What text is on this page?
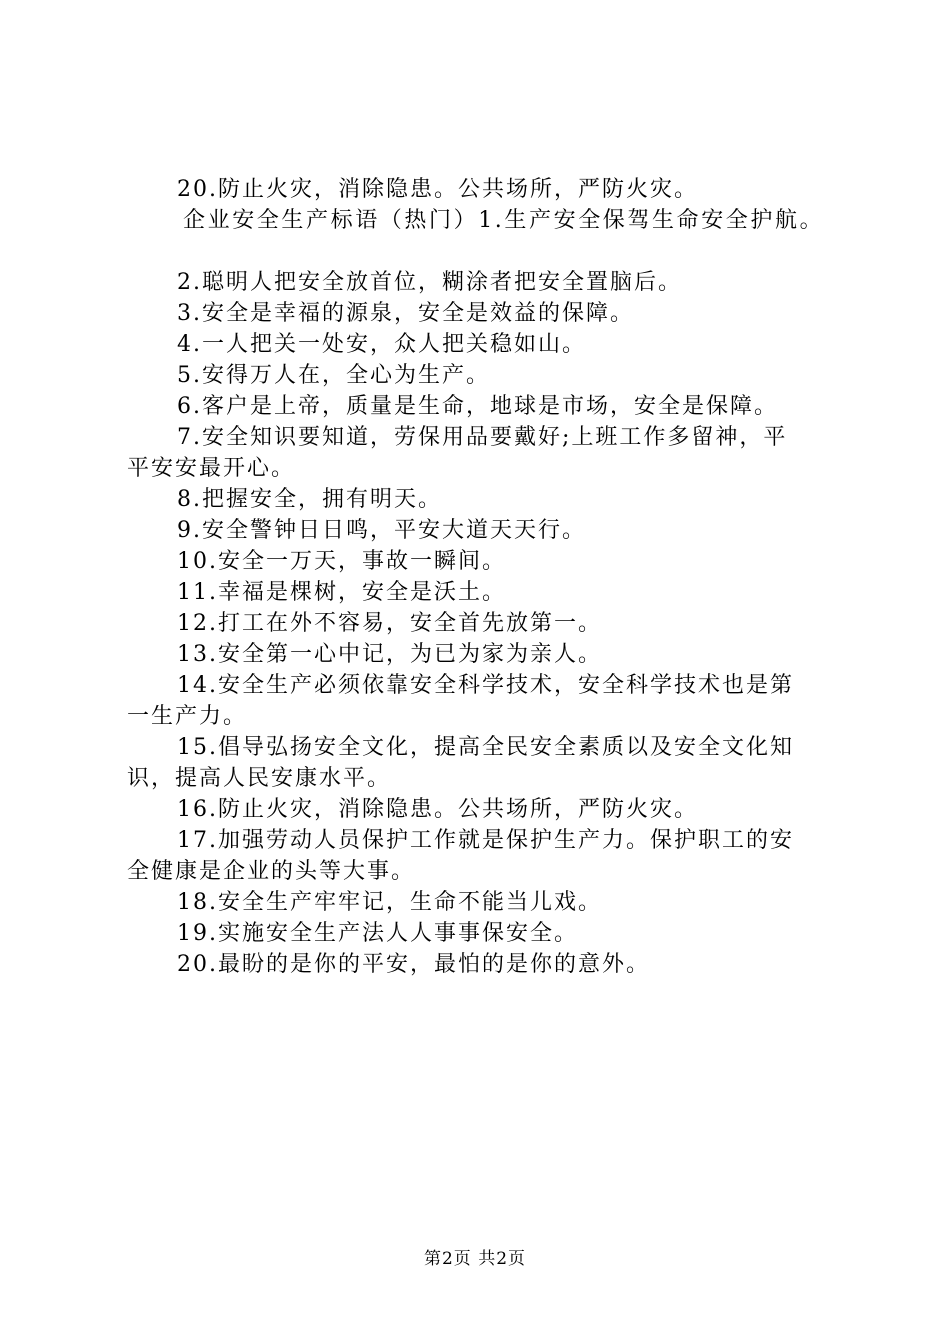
20.防止火灾，消除隐患。公共场所，严防火灾。

企业安全生产标语（热门）1.生产安全保驾生命安全护航。

2.聪明人把安全放首位，糊涂者把安全置脑后。

3.安全是幸福的源泉，安全是效益的保障。

4.一人把关一处安，众人把关稳如山。

5.安得万人在，全心为生产。

6.客户是上帝，质量是生命，地球是市场，安全是保障。

7.安全知识要知道，劳保用品要戴好;上班工作多留神，平

平安安最开心。

8.把握安全，拥有明天。

9.安全警钟日日鸣，平安大道天天行。

10.安全一万天，事故一瞬间。

11.幸福是棵树，安全是沃土。

12.打工在外不容易，安全首先放第一。

13.安全第一心中记，为已为家为亲人。

14.安全生产必须依靠安全科学技术，安全科学技术也是第

一生产力。

15.倡导弘扬安全文化，提高全民安全素质以及安全文化知

识，提高人民安康水平。

16.防止火灾，消除隐患。公共场所，严防火灾。

17.加强劳动人员保护工作就是保护生产力。保护职工的安

全健康是企业的头等大事。

18.安全生产牢牢记，生命不能当儿戏。

19.实施安全生产法人人事事保安全。

20.最盼的是你的平安，最怕的是你的意外。

第2页 共2页
